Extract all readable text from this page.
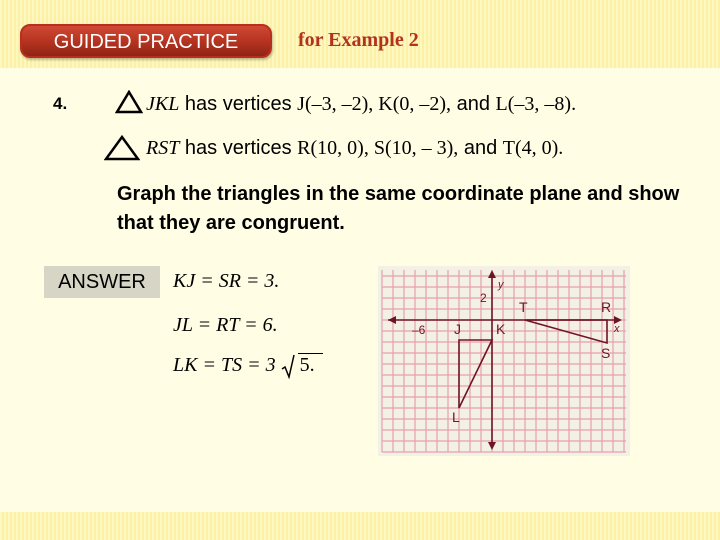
GUIDED PRACTICE	for Example 2
4.	JKL has vertices J(–3, –2), K(0, –2), and L(–3, –8).
RST has vertices R(10, 0), S(10, – 3), and T(4, 0).
Graph the triangles in the same coordinate plane and show that they are congruent.
ANSWER	KJ = SR = 3.
JL = RT = 6.
LK = TS = 3 5.
y
x
2
–6 J	K
L
T	R
S
